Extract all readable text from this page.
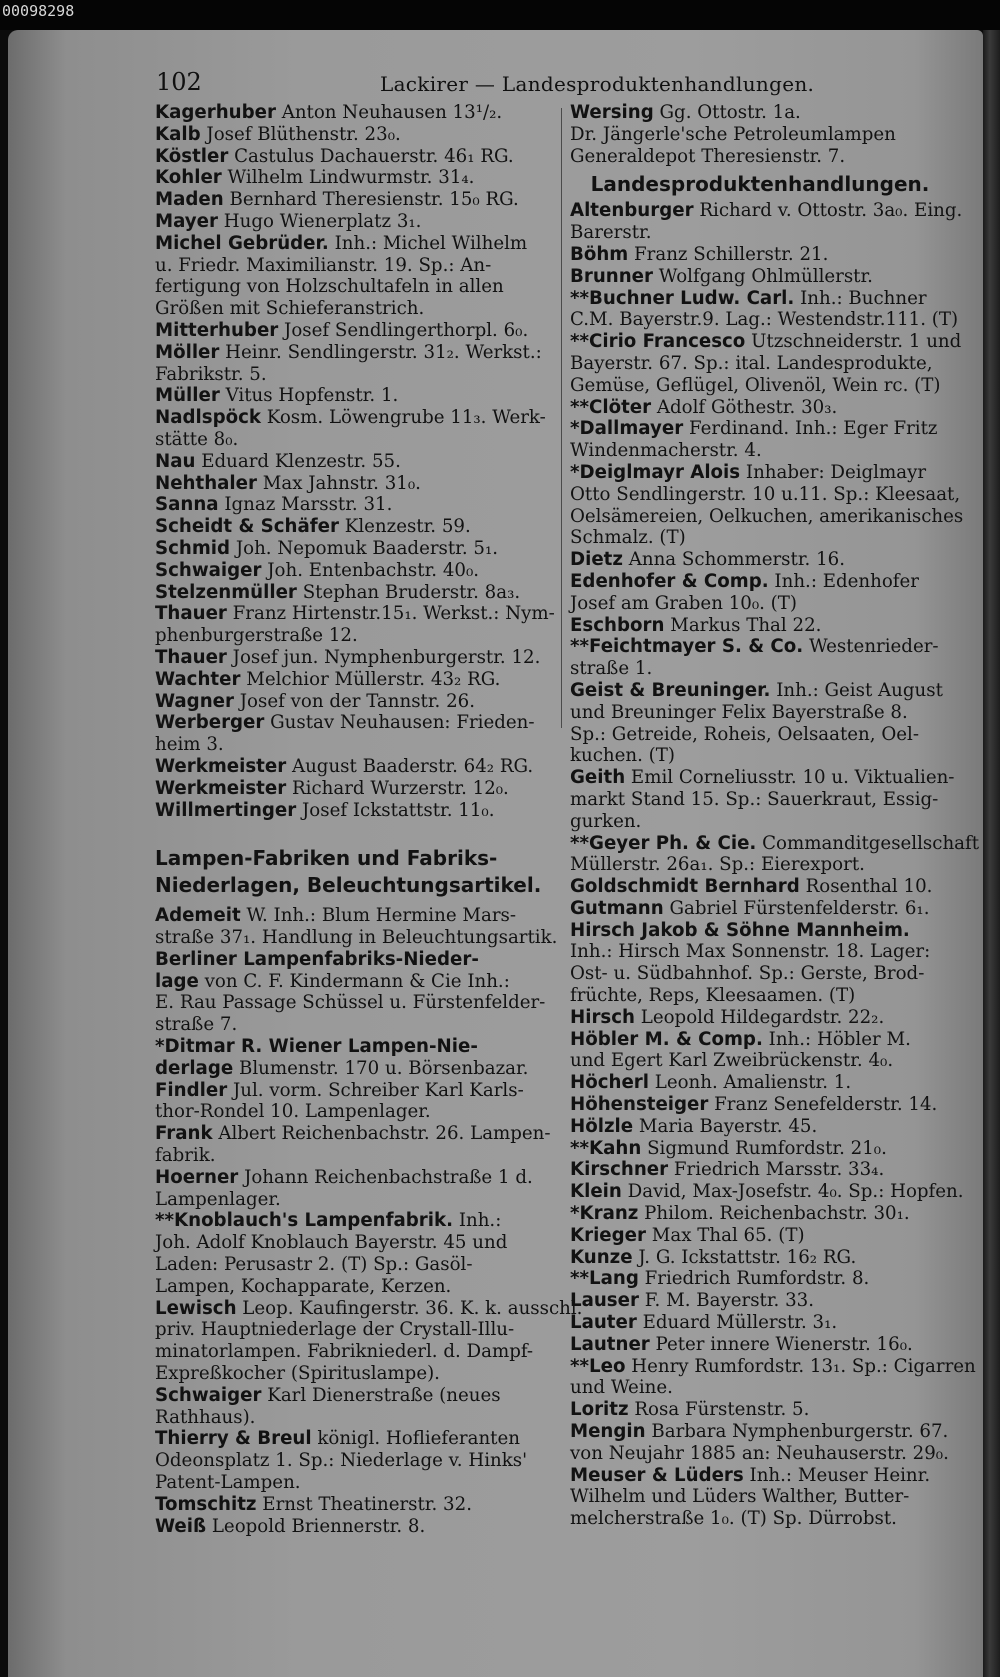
00098298
102	Lackirer — Landesproduktenhandlungen.
Kagerhuber Anton Neuhausen 13¹/₂.
Kalb Josef Blüthenstr. 23₀.
Köstler Castulus Dachauerstr. 46₁ RG.
Kohler Wilhelm Lindwurmstr. 31₄.
Maden Bernhard Theresienstr. 15₀ RG.
Mayer Hugo Wienerplatz 3₁.
Michel Gebrüder. Inh.: Michel Wilhelm
u. Friedr. Maximilianstr. 19. Sp.: An-
fertigung von Holzschultafeln in allen
Größen mit Schieferanstrich.
Mitterhuber Josef Sendlingerthorpl. 6₀.
Möller Heinr. Sendlingerstr. 31₂. Werkst.:
Fabrikstr. 5.
Müller Vitus Hopfenstr. 1.
Nadlspöck Kosm. Löwengrube 11₃. Werk-
stätte 8₀.
Nau Eduard Klenzestr. 55.
Nehthaler Max Jahnstr. 31₀.
Sanna Ignaz Marsstr. 31.
Scheidt & Schäfer Klenzestr. 59.
Schmid Joh. Nepomuk Baaderstr. 5₁.
Schwaiger Joh. Entenbachstr. 40₀.
Stelzenmüller Stephan Bruderstr. 8a₃.
Thauer Franz Hirtenstr.15₁. Werkst.: Nym-
phenburgerstraße 12.
Thauer Josef jun. Nymphenburgerstr. 12.
Wachter Melchior Müllerstr. 43₂ RG.
Wagner Josef von der Tannstr. 26.
Werberger Gustav Neuhausen: Frieden-
heim 3.
Werkmeister August Baaderstr. 64₂ RG.
Werkmeister Richard Wurzerstr. 12₀.
Willmertinger Josef Ickstattstr. 11₀.
Lampen-Fabriken und Fabriks-
Niederlagen, Beleuchtungsartikel.
Ademeit W. Inh.: Blum Hermine Mars-
straße 37₁. Handlung in Beleuchtungsartik.
Berliner Lampenfabriks-Nieder-
lage von C. F. Kindermann & Cie Inh.:
E. Rau Passage Schüssel u. Fürstenfelder-
straße 7.
*Ditmar R. Wiener Lampen-Nie-
derlage Blumenstr. 170 u. Börsenbazar.
Findler Jul. vorm. Schreiber Karl Karls-
thor-Rondel 10. Lampenlager.
Frank Albert Reichenbachstr. 26. Lampen-
fabrik.
Hoerner Johann Reichenbachstraße 1 d.
Lampenlager.
**Knoblauch's Lampenfabrik. Inh.:
Joh. Adolf Knoblauch Bayerstr. 45 und
Laden: Perusastr 2. (T) Sp.: Gasöl-
Lampen, Kochapparate, Kerzen.
Lewisch Leop. Kaufingerstr. 36. K. k. ausschl.
priv. Hauptniederlage der Crystall-Illu-
minatorlampen. Fabrikniederl. d. Dampf-
Expreßkocher (Spirituslampe).
Schwaiger Karl Dienerstraße (neues
Rathhaus).
Thierry & Breul königl. Hoflieferanten
Odeonsplatz 1. Sp.: Niederlage v. Hinks'
Patent-Lampen.
Tomschitz Ernst Theatinerstr. 32.
Weiß Leopold Briennerstr. 8.
Wersing Gg. Ottostr. 1a.
Dr. Jängerle'sche Petroleumlampen
Generaldepot Theresienstr. 7.
Landesproduktenhandlungen.
Altenburger Richard v. Ottostr. 3a₀. Eing.
Barerstr.
Böhm Franz Schillerstr. 21.
Brunner Wolfgang Ohlmüllerstr.
**Buchner Ludw. Carl. Inh.: Buchner
C.M. Bayerstr.9. Lag.: Westendstr.111. (T)
**Cirio Francesco Utzschneiderstr. 1 und
Bayerstr. 67. Sp.: ital. Landesprodukte,
Gemüse, Geflügel, Olivenöl, Wein rc. (T)
**Clöter Adolf Göthestr. 30₃.
*Dallmayer Ferdinand. Inh.: Eger Fritz
Windenmacherstr. 4.
*Deiglmayr Alois Inhaber: Deiglmayr
Otto Sendlingerstr. 10 u.11. Sp.: Kleesaat,
Oelsämereien, Oelkuchen, amerikanisches
Schmalz. (T)
Dietz Anna Schommerstr. 16.
Edenhofer & Comp. Inh.: Edenhofer
Josef am Graben 10₀. (T)
Eschborn Markus Thal 22.
**Feichtmayer S. & Co. Westenrieder-
straße 1.
Geist & Breuninger. Inh.: Geist August
und Breuninger Felix Bayerstraße 8.
Sp.: Getreide, Roheis, Oelsaaten, Oel-
kuchen. (T)
Geith Emil Corneliusstr. 10 u. Viktualien-
markt Stand 15. Sp.: Sauerkraut, Essig-
gurken.
**Geyer Ph. & Cie. Commanditgesellschaft
Müllerstr. 26a₁. Sp.: Eierexport.
Goldschmidt Bernhard Rosenthal 10.
Gutmann Gabriel Fürstenfelderstr. 6₁.
Hirsch Jakob & Söhne Mannheim.
Inh.: Hirsch Max Sonnenstr. 18. Lager:
Ost- u. Südbahnhof. Sp.: Gerste, Brod-
früchte, Reps, Kleesaamen. (T)
Hirsch Leopold Hildegardstr. 22₂.
Höbler M. & Comp. Inh.: Höbler M.
und Egert Karl Zweibrückenstr. 4₀.
Höcherl Leonh. Amalienstr. 1.
Höhensteiger Franz Senefelderstr. 14.
Hölzle Maria Bayerstr. 45.
**Kahn Sigmund Rumfordstr. 21₀.
Kirschner Friedrich Marsstr. 33₄.
Klein David, Max-Josefstr. 4₀. Sp.: Hopfen.
*Kranz Philom. Reichenbachstr. 30₁.
Krieger Max Thal 65. (T)
Kunze J. G. Ickstattstr. 16₂ RG.
**Lang Friedrich Rumfordstr. 8.
Lauser F. M. Bayerstr. 33.
Lauter Eduard Müllerstr. 3₁.
Lautner Peter innere Wienerstr. 16₀.
**Leo Henry Rumfordstr. 13₁. Sp.: Cigarren
und Weine.
Loritz Rosa Fürstenstr. 5.
Mengin Barbara Nymphenburgerstr. 67.
von Neujahr 1885 an: Neuhauserstr. 29₀.
Meuser & Lüders Inh.: Meuser Heinr.
Wilhelm und Lüders Walther, Butter-
melcherstraße 1₀. (T) Sp. Dürrobst.
